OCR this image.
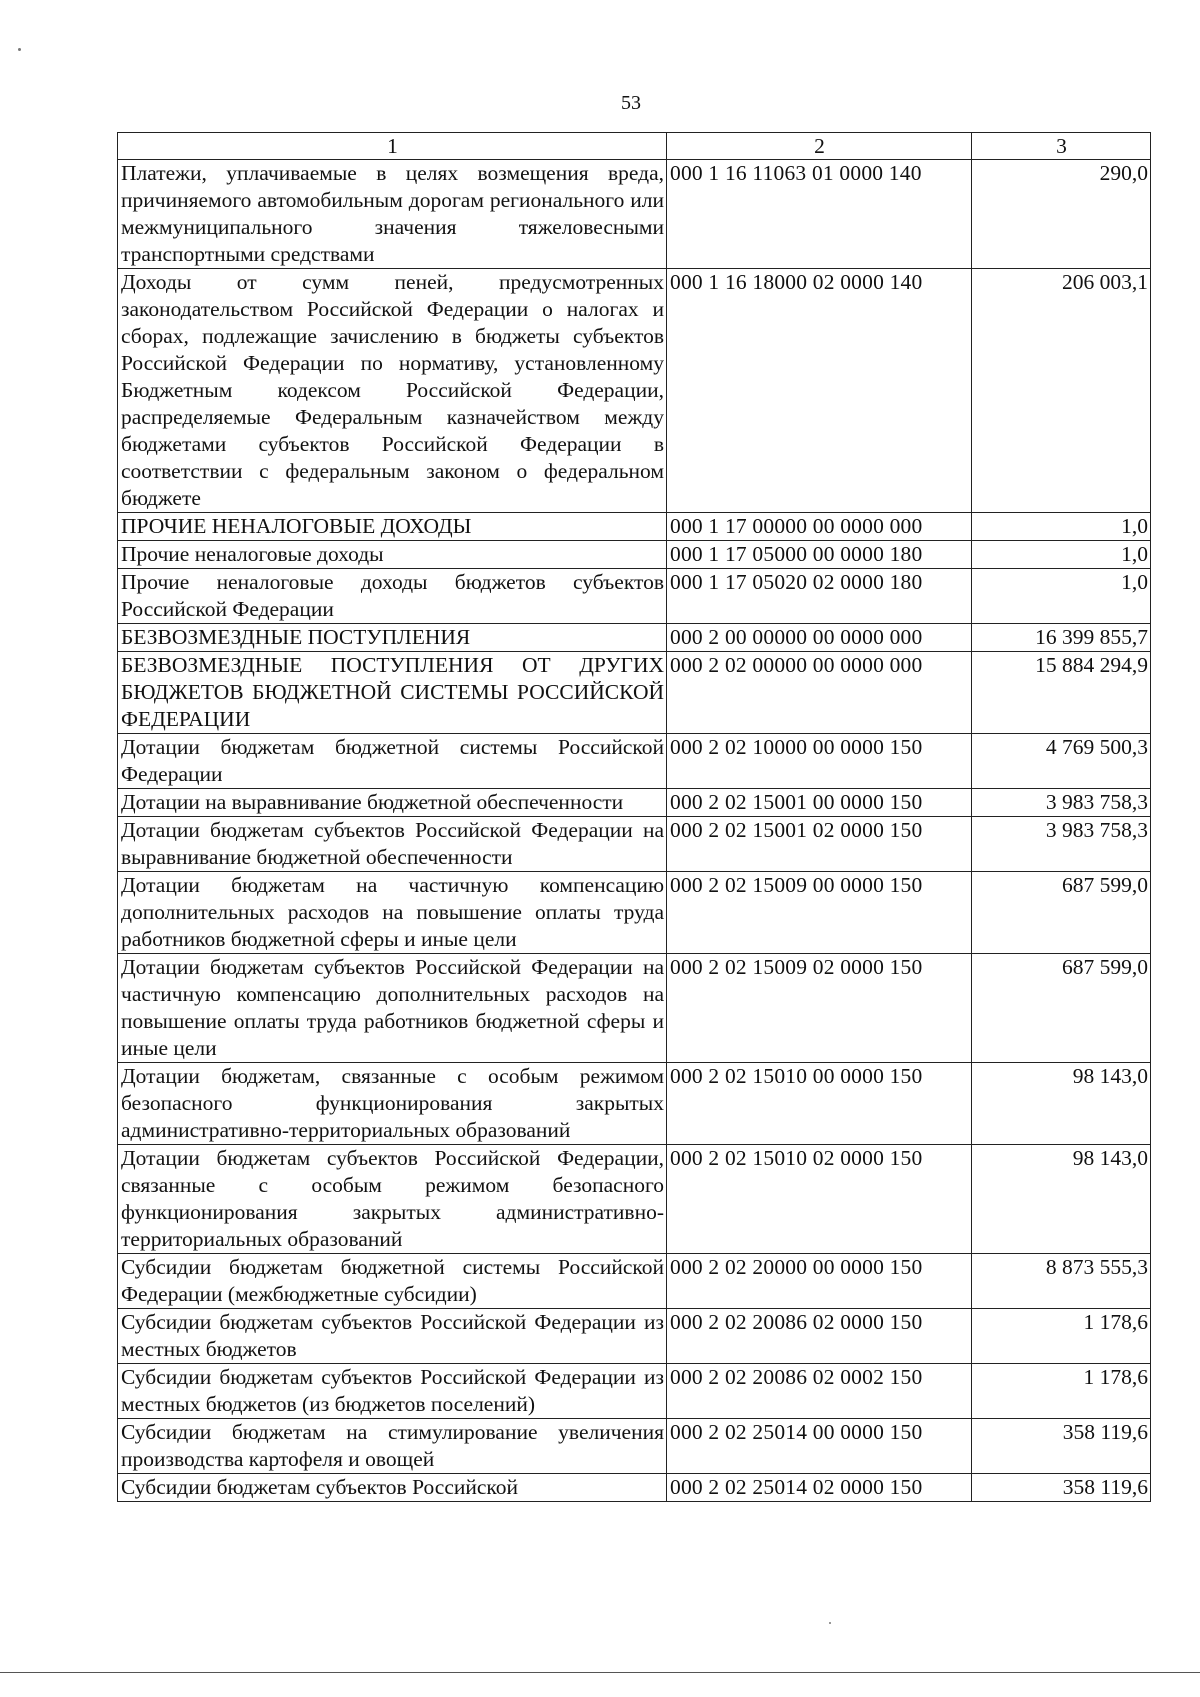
53
1	2	3
Платежи, уплачиваемые в целях возмещения вреда, причиняемого автомобильным дорогам регионального или межмуниципального значения тяжеловесными транспортными средствами	000 1 16 11063 01 0000 140	290,0
Доходы от сумм пеней, предусмотренных законодательством Российской Федерации о налогах и сборах, подлежащие зачислению в бюджеты субъектов Российской Федерации по нормативу, установленному Бюджетным кодексом Российской Федерации, распределяемые Федеральным казначейством между бюджетами субъектов Российской Федерации в соответствии с федеральным законом о федеральном бюджете	000 1 16 18000 02 0000 140	206 003,1
ПРОЧИЕ НЕНАЛОГОВЫЕ ДОХОДЫ	000 1 17 00000 00 0000 000	1,0
Прочие неналоговые доходы	000 1 17 05000 00 0000 180	1,0
Прочие неналоговые доходы бюджетов субъектов Российской Федерации	000 1 17 05020 02 0000 180	1,0
БЕЗВОЗМЕЗДНЫЕ ПОСТУПЛЕНИЯ	000 2 00 00000 00 0000 000	16 399 855,7
БЕЗВОЗМЕЗДНЫЕ ПОСТУПЛЕНИЯ ОТ ДРУГИХ БЮДЖЕТОВ БЮДЖЕТНОЙ СИСТЕМЫ РОССИЙСКОЙ ФЕДЕРАЦИИ	000 2 02 00000 00 0000 000	15 884 294,9
Дотации бюджетам бюджетной системы Российской Федерации	000 2 02 10000 00 0000 150	4 769 500,3
Дотации на выравнивание бюджетной обеспеченности	000 2 02 15001 00 0000 150	3 983 758,3
Дотации бюджетам субъектов Российской Федерации на выравнивание бюджетной обеспеченности	000 2 02 15001 02 0000 150	3 983 758,3
Дотации бюджетам на частичную компенсацию дополнительных расходов на повышение оплаты труда работников бюджетной сферы и иные цели	000 2 02 15009 00 0000 150	687 599,0
Дотации бюджетам субъектов Российской Федерации на частичную компенсацию дополнительных расходов на повышение оплаты труда работников бюджетной сферы и иные цели	000 2 02 15009 02 0000 150	687 599,0
Дотации бюджетам, связанные с особым режимом безопасного функционирования закрытых административно-территориальных образований	000 2 02 15010 00 0000 150	98 143,0
Дотации бюджетам субъектов Российской Федерации, связанные с особым режимом безопасного функционирования закрытых административно-территориальных образований	000 2 02 15010 02 0000 150	98 143,0
Субсидии бюджетам бюджетной системы Российской Федерации (межбюджетные субсидии)	000 2 02 20000 00 0000 150	8 873 555,3
Субсидии бюджетам субъектов Российской Федерации из местных бюджетов	000 2 02 20086 02 0000 150	1 178,6
Субсидии бюджетам субъектов Российской Федерации из местных бюджетов (из бюджетов поселений)	000 2 02 20086 02 0002 150	1 178,6
Субсидии бюджетам на стимулирование увеличения производства картофеля и овощей	000 2 02 25014 00 0000 150	358 119,6
Субсидии бюджетам субъектов Российской	000 2 02 25014 02 0000 150	358 119,6
